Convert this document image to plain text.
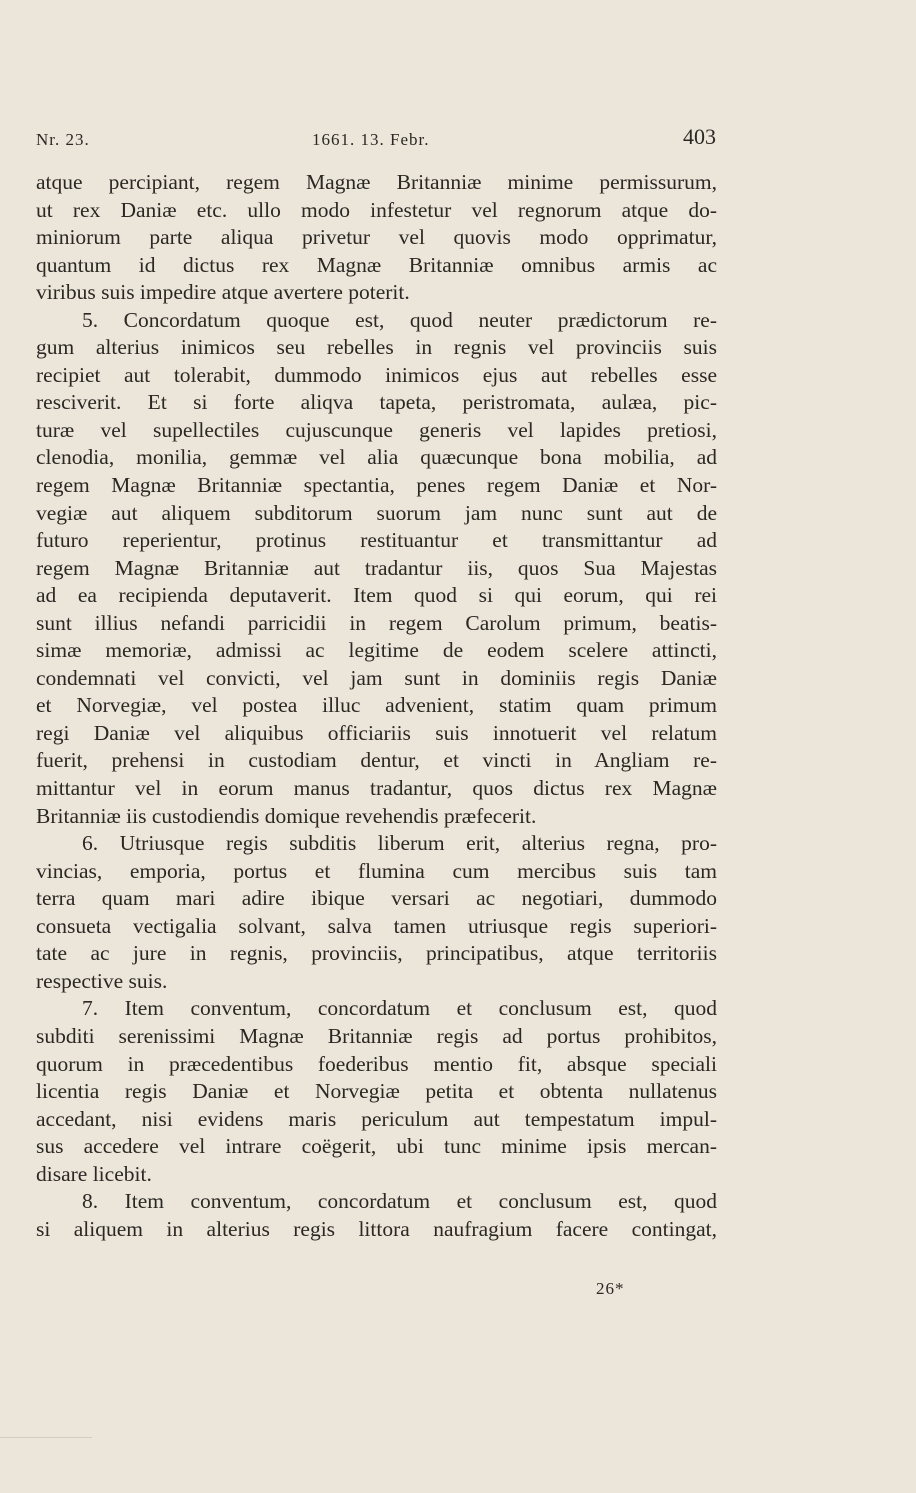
Nr. 23.	1661. 13. Febr.	403
atque percipiant, regem Magnæ Britanniæ minime permissurum,
ut rex Daniæ etc. ullo modo infestetur vel regnorum atque do-
miniorum parte aliqua privetur vel quovis modo opprimatur,
quantum id dictus rex Magnæ Britanniæ omnibus armis ac
viribus suis impedire atque avertere poterit.
5. Concordatum quoque est, quod neuter prædictorum re-
gum alterius inimicos seu rebelles in regnis vel provinciis suis
recipiet aut tolerabit, dummodo inimicos ejus aut rebelles esse
resciverit. Et si forte aliqva tapeta, peristromata, aulæa, pic-
turæ vel supellectiles cujuscunque generis vel lapides pretiosi,
clenodia, monilia, gemmæ vel alia quæcunque bona mobilia, ad
regem Magnæ Britanniæ spectantia, penes regem Daniæ et Nor-
vegiæ aut aliquem subditorum suorum jam nunc sunt aut de
futuro reperientur, protinus restituantur et transmittantur ad
regem Magnæ Britanniæ aut tradantur iis, quos Sua Majestas
ad ea recipienda deputaverit. Item quod si qui eorum, qui rei
sunt illius nefandi parricidii in regem Carolum primum, beatis-
simæ memoriæ, admissi ac legitime de eodem scelere attincti,
condemnati vel convicti, vel jam sunt in dominiis regis Daniæ
et Norvegiæ, vel postea illuc advenient, statim quam primum
regi Daniæ vel aliquibus officiariis suis innotuerit vel relatum
fuerit, prehensi in custodiam dentur, et vincti in Angliam re-
mittantur vel in eorum manus tradantur, quos dictus rex Magnæ
Britanniæ iis custodiendis domique revehendis præfecerit.
6. Utriusque regis subditis liberum erit, alterius regna, pro-
vincias, emporia, portus et flumina cum mercibus suis tam
terra quam mari adire ibique versari ac negotiari, dummodo
consueta vectigalia solvant, salva tamen utriusque regis superiori-
tate ac jure in regnis, provinciis, principatibus, atque territoriis
respective suis.
7. Item conventum, concordatum et conclusum est, quod
subditi serenissimi Magnæ Britanniæ regis ad portus prohibitos,
quorum in præcedentibus foederibus mentio fit, absque speciali
licentia regis Daniæ et Norvegiæ petita et obtenta nullatenus
accedant, nisi evidens maris periculum aut tempestatum impul-
sus accedere vel intrare coëgerit, ubi tunc minime ipsis mercan-
disare licebit.
8. Item conventum, concordatum et conclusum est, quod
si aliquem in alterius regis littora naufragium facere contingat,
26*
